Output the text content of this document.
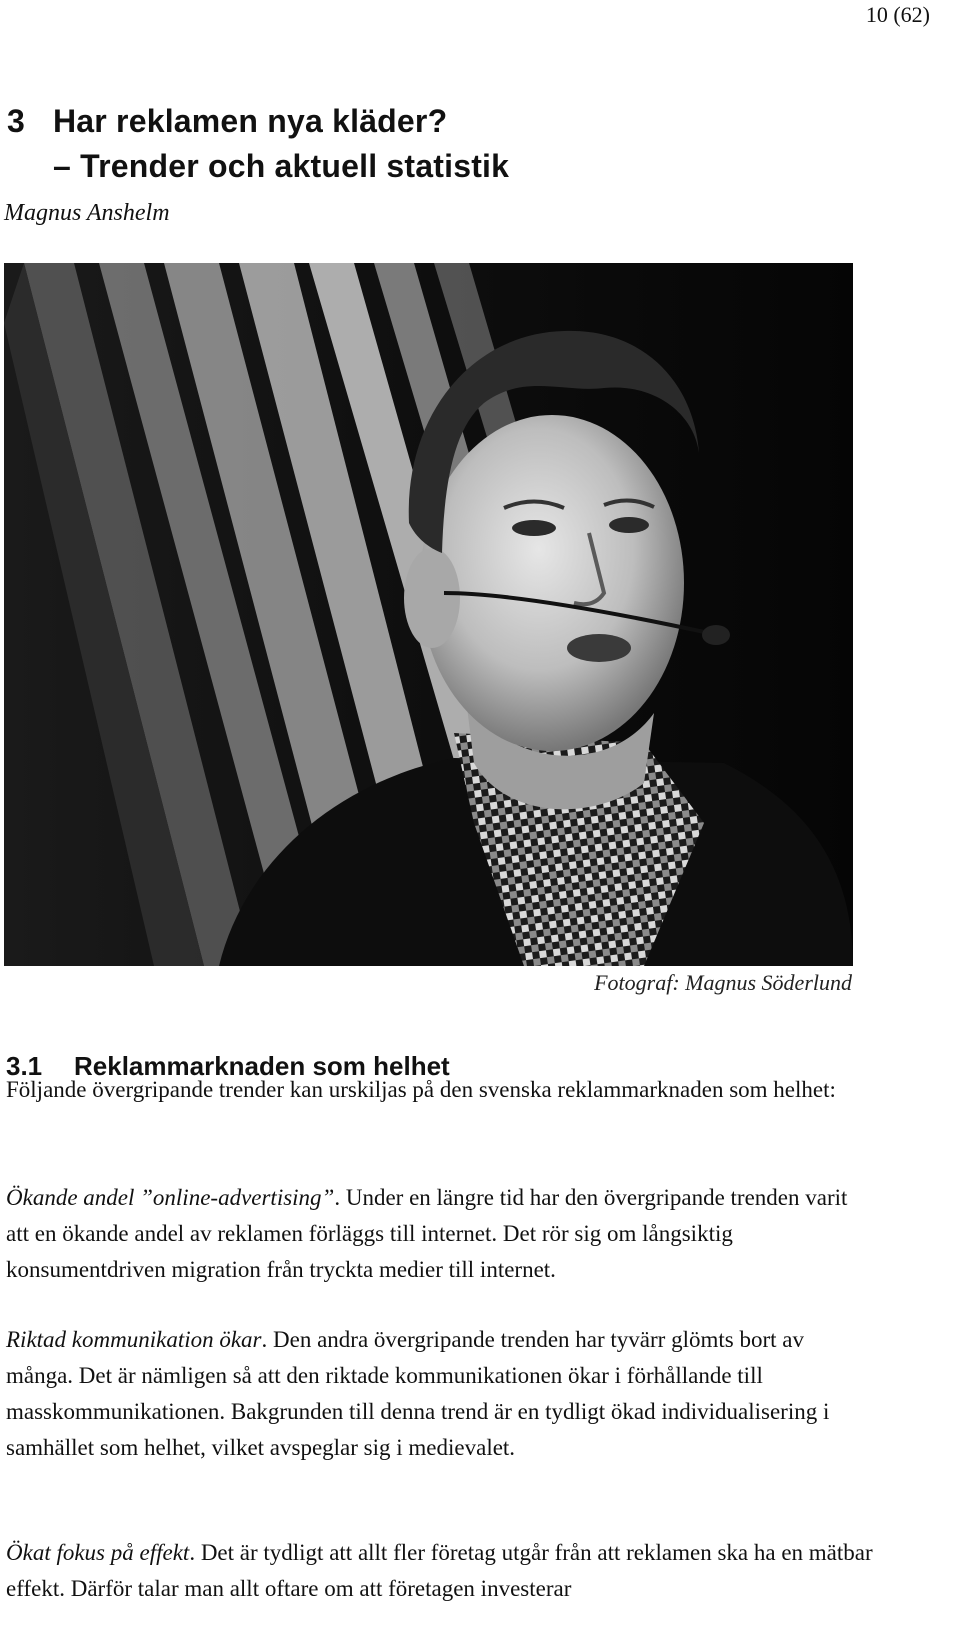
10 (62)
3 Har reklamen nya kläder?
– Trender och aktuell statistik
Magnus Anshelm
Fotograf: Magnus Söderlund
3.1 Reklammarknaden som helhet

Följande övergripande trender kan urskiljas på den svenska reklammarknaden som helhet:

Ökande andel ”online-advertising”. Under en längre tid har den övergripande trenden varit att en ökande andel av reklamen förläggs till internet. Det rör sig om långsiktig konsumentdriven migration från tryckta medier till internet.

Riktad kommunikation ökar. Den andra övergripande trenden har tyvärr glömts bort av många. Det är nämligen så att den riktade kommunikationen ökar i förhållande till masskommunikationen. Bakgrunden till denna trend är en tydligt ökad individualisering i samhället som helhet, vilket avspeglar sig i medievalet.

Ökat fokus på effekt. Det är tydligt att allt fler företag utgår från att reklamen ska ha en mätbar effekt. Därför talar man allt oftare om att företagen investerar
